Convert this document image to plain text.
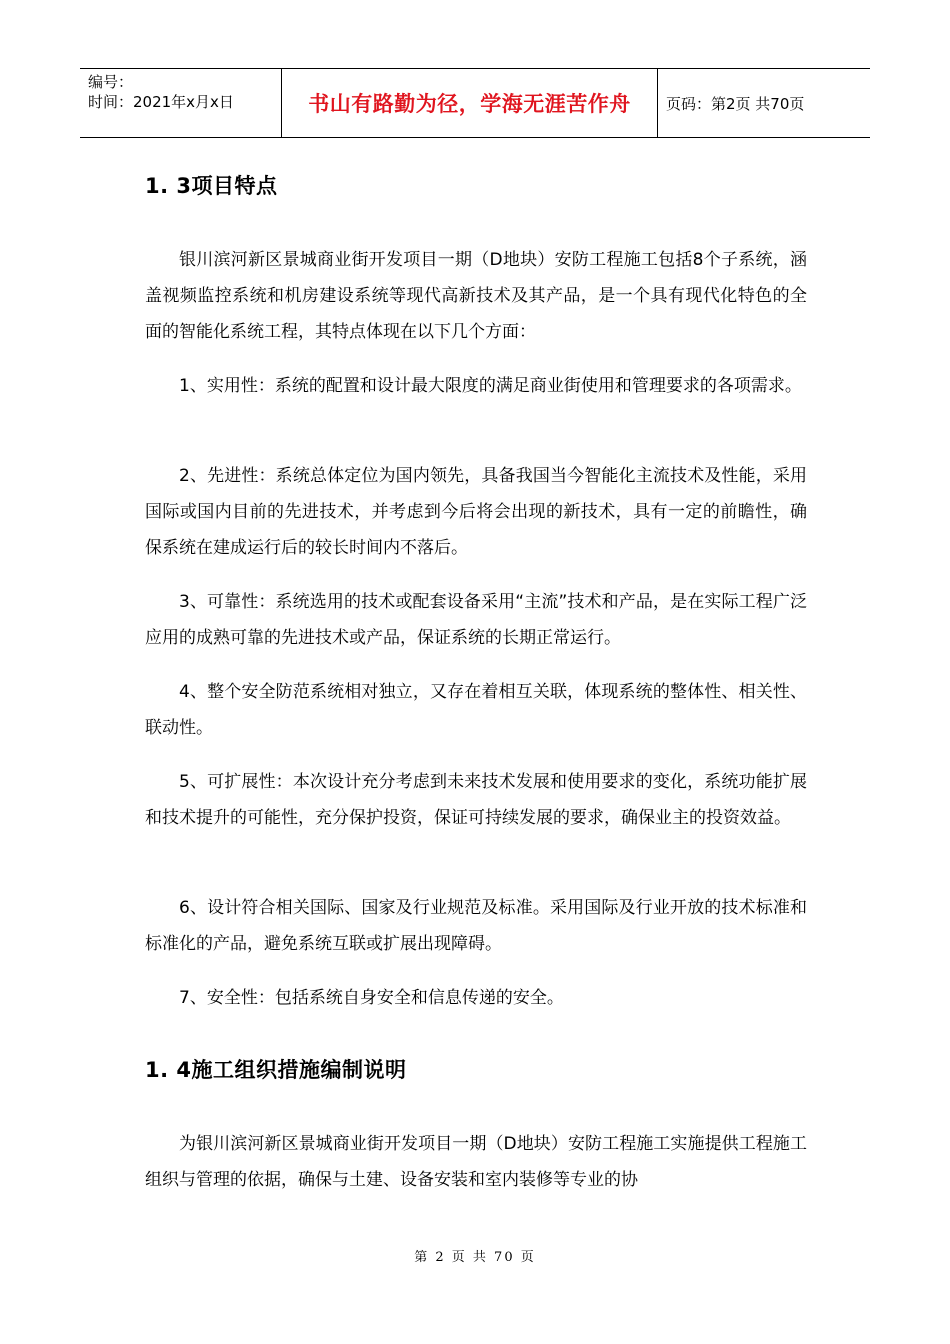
编号：
时间：2021年x月x日	书山有路勤为径，学海无涯苦作舟 页码：第2页 共70页
1. 3项目特点
银川滨河新区景城商业街开发项目一期（D地块）安防工程施工包括8个子系统，涵盖视频监控系统和机房建设系统等现代高新技术及其产品，是一个具有现代化特色的全面的智能化系统工程，其特点体现在以下几个方面：
1、实用性：系统的配置和设计最大限度的满足商业街使用和管理要求的各项需求。
2、先进性：系统总体定位为国内领先，具备我国当今智能化主流技术及性能，采用国际或国内目前的先进技术，并考虑到今后将会出现的新技术，具有一定的前瞻性，确保系统在建成运行后的较长时间内不落后。
3、可靠性：系统选用的技术或配套设备采用“主流”技术和产品，是在实际工程广泛应用的成熟可靠的先进技术或产品，保证系统的长期正常运行。
4、整个安全防范系统相对独立，又存在着相互关联，体现系统的整体性、相关性、联动性。
5、可扩展性：本次设计充分考虑到未来技术发展和使用要求的变化，系统功能扩展和技术提升的可能性，充分保护投资，保证可持续发展的要求，确保业主的投资效益。
6、设计符合相关国际、国家及行业规范及标准。采用国际及行业开放的技术标准和标准化的产品，避免系统互联或扩展出现障碍。
7、安全性：包括系统自身安全和信息传递的安全。
1. 4施工组织措施编制说明
为银川滨河新区景城商业街开发项目一期（D地块）安防工程施工实施提供工程施工组织与管理的依据，确保与土建、设备安装和室内装修等专业的协
第 2 页 共 70 页
